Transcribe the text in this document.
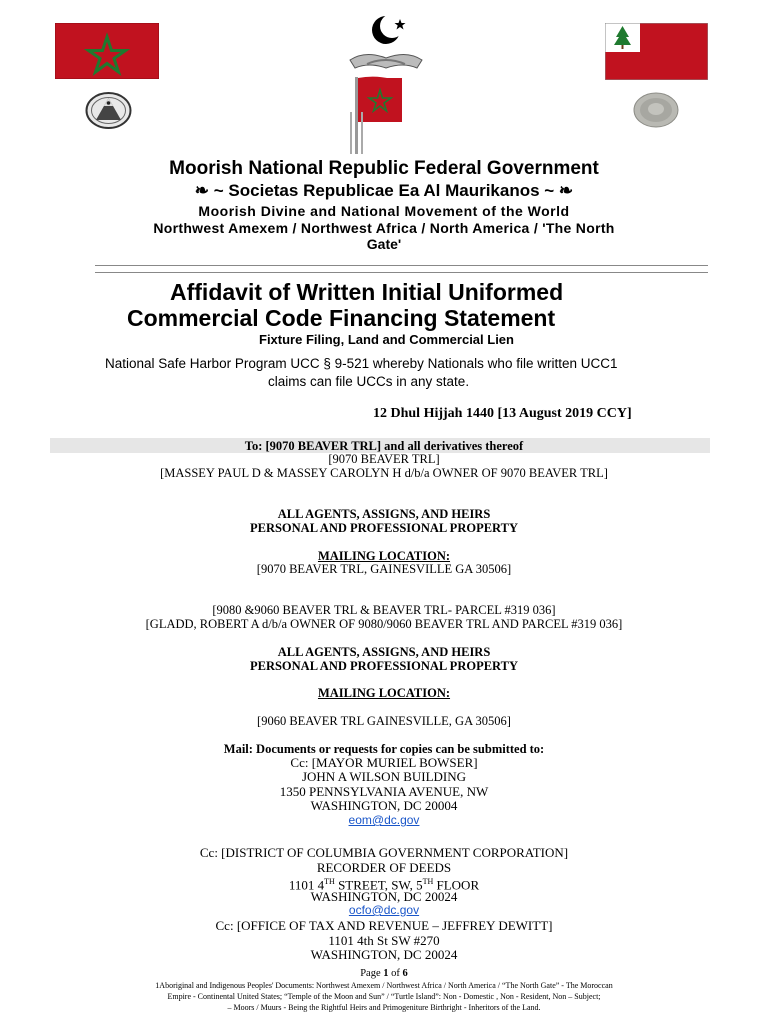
Moorish National Republic Federal Government
❧ ~ Societas Republicae Ea Al Maurikanos ~ ❧
Moorish Divine and National Movement of the World
Northwest Amexem / Northwest Africa / North America / 'The North
Gate'
Affidavit of Written Initial Uniformed
Commercial Code Financing Statement
Fixture Filing, Land and Commercial Lien
National Safe Harbor Program UCC § 9-521 whereby Nationals who file written UCC1
claims can file UCCs in any state.
12 Dhul Hijjah 1440 [13 August 2019 CCY]
To: [9070 BEAVER TRL] and all derivatives thereof
[9070 BEAVER TRL]
[MASSEY PAUL D & MASSEY CAROLYN H d/b/a OWNER OF 9070 BEAVER TRL]
ALL AGENTS, ASSIGNS, AND HEIRS
PERSONAL AND PROFESSIONAL PROPERTY
MAILING LOCATION:
[9070 BEAVER TRL, GAINESVILLE GA 30506]
[9080 &9060 BEAVER TRL & BEAVER TRL- PARCEL #319 036]
[GLADD, ROBERT A d/b/a OWNER OF 9080/9060 BEAVER TRL AND PARCEL #319 036]
ALL AGENTS, ASSIGNS, AND HEIRS
PERSONAL AND PROFESSIONAL PROPERTY
MAILING LOCATION:
[9060 BEAVER TRL GAINESVILLE, GA 30506]
Mail: Documents or requests for copies can be submitted to:
Cc: [MAYOR MURIEL BOWSER]
JOHN A WILSON BUILDING
1350 PENNSYLVANIA AVENUE, NW
WASHINGTON, DC 20004
eom@dc.gov
Cc: [DISTRICT OF COLUMBIA GOVERNMENT CORPORATION]
RECORDER OF DEEDS
1101 4TH STREET, SW, 5TH FLOOR
WASHINGTON, DC 20024
ocfo@dc.gov
Cc: [OFFICE OF TAX AND REVENUE – JEFFREY DEWITT]
1101 4th St SW #270
WASHINGTON, DC 20024
Page 1 of 6
1Aboriginal and Indigenous Peoples' Documents: Northwest Amexem / Northwest Africa / North America / “The North Gate” - The Moroccan
Empire - Continental United States; “Temple of the Moon and Sun” / “Turtle Island”: Non - Domestic , Non - Resident, Non – Subject;
– Moors / Muurs - Being the Rightful Heirs and Primogeniture Birthright - Inheritors of the Land.
